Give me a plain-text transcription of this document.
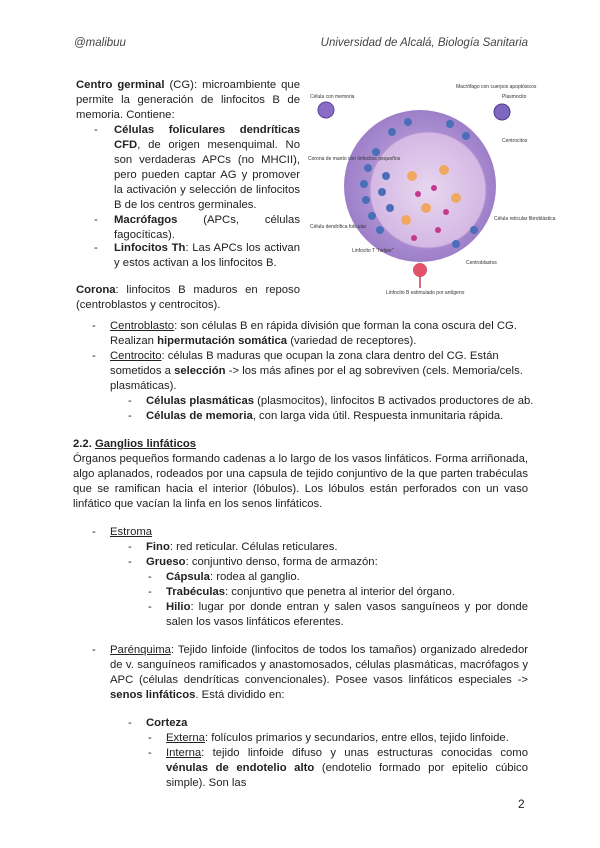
@malibuu	Universidad de Alcalá, Biología Sanitaria
Centro germinal (CG): microambiente que permite la generación de linfocitos B de memoria. Contiene:
- Células foliculares dendríticas CFD, de origen mesenquimal. No son verdaderas APCs (no MHCII), pero pueden captar AG y promover la activación y selección de linfocitos B de los centros germinales.
- Macrófagos (APCs, células fagocíticas).
- Linfocitos Th: Las APCs los activan y estos activan a los linfocitos B.
Corona: linfocitos B maduros en reposo (centroblastos y centrocitos).
Célula con memoria
Macrófago con cuerpos apoptósicos
Plasmocito
Centrocitos
Corona de manto con linfocitos pequeños
Célula reticular fibroblástica
Célula dendrítica folicular
Linfocito T "helper"
Centroblastos
Linfocito B estimulado por antígeno
- Centroblasto: son células B en rápida división que forman la cona oscura del CG.
Realizan hipermutación somática (variedad de receptores).
- Centrocito: células B maduras que ocupan la zona clara dentro del CG. Están
sometidos a selección -> los más afines por el ag sobreviven (cels. Memoria/cels.
plasmáticas).
- Células plasmáticas (plasmocitos), linfocitos B activados productores de ab.
- Células de memoria, con larga vida útil. Respuesta inmunitaria rápida.
2.2. Ganglios linfáticos
Órganos pequeños formando cadenas a lo largo de los vasos linfáticos. Forma arriñonada, algo aplanados, rodeados por una capsula de tejido conjuntivo de la que parten trabéculas que se ramifican hacia el interior (lóbulos). Los lóbulos están perforados con un vaso linfático que vacían la linfa en los senos linfáticos.
- Estroma
- Fino: red reticular. Células reticulares.
- Grueso: conjuntivo denso, forma de armazón:
- Cápsula: rodea al ganglio.
- Trabéculas: conjuntivo que penetra al interior del órgano.
- Hilio: lugar por donde entran y salen vasos sanguíneos y por donde salen los vasos linfáticos eferentes.
- Parénquima: Tejido linfoide (linfocitos de todos los tamaños) organizado alrededor de v. sanguíneos ramificados y anastomosados, células plasmáticas, macrófagos y APC (células dendríticas convencionales). Posee vasos linfáticos especiales -> senos linfáticos. Está dividido en:
- Corteza
- Externa: folículos primarios y secundarios, entre ellos, tejido linfoide.
- Interna: tejido linfoide difuso y unas estructuras conocidas como vénulas de endotelio alto (endotelio formado por epitelio cúbico simple). Son las
2
